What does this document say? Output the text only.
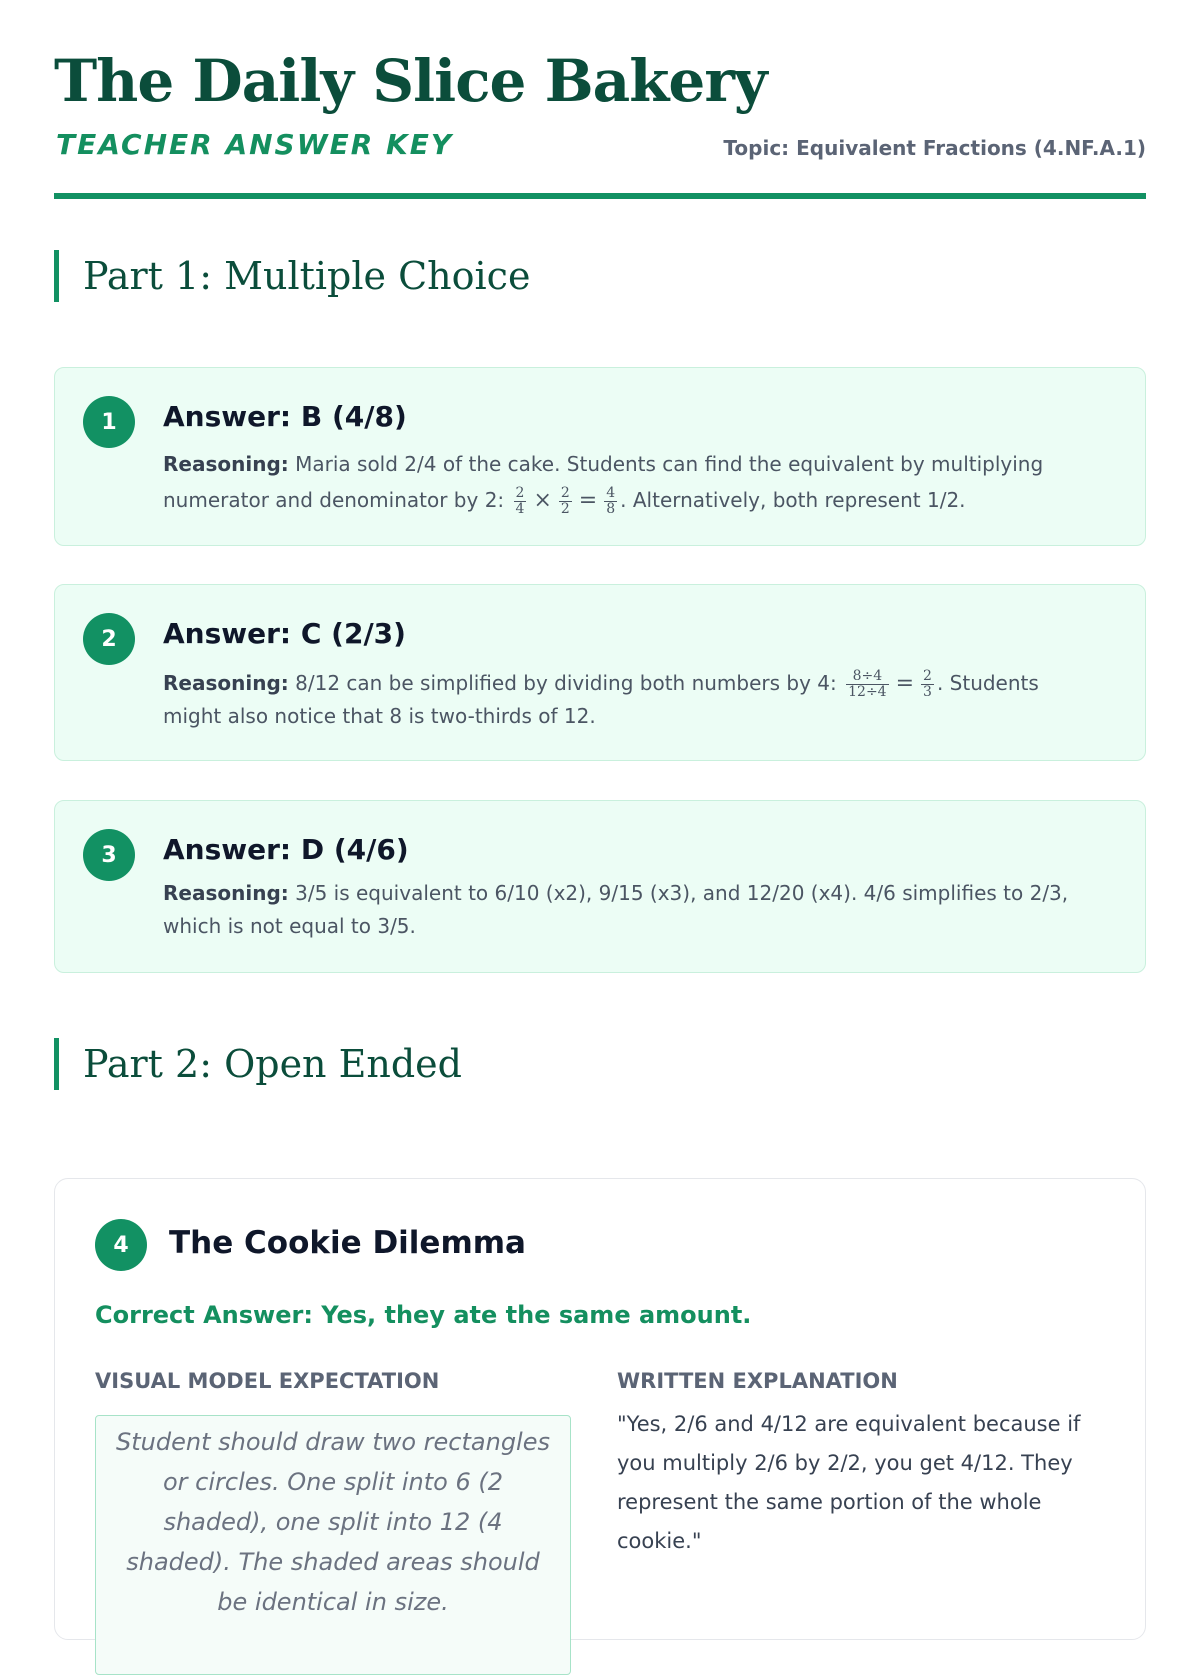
The Daily Slice Bakery
TEACHER ANSWER KEY	Topic: Equivalent Fractions (4.NF.A.1)
Part 1: Multiple Choice
1	Answer: B (4/8)
Reasoning: Maria sold 2/4 of the cake. Students can find the equivalent by multiplying numerator and denominator by 2: $\frac{2}{4} \times \frac{2}{2} = \frac{4}{8}$ . Alternatively, both represent 1/2.
2	Answer: C (2/3)
Reasoning: 8/12 can be simplified by dividing both numbers by 4: $\frac{8\div 4}{12\div 4} = \frac{2}{3}$ . Students might also notice that 8 is two-thirds of 12.
3	Answer: D (4/6)
Reasoning: 3/5 is equivalent to 6/10 (x2), 9/15 (x3), and 12/20 (x4). 4/6 simplifies to 2/3, which is not equal to 3/5.
Part 2: Open Ended
4	The Cookie Dilemma
Correct Answer: Yes, they ate the same amount.
VISUAL MODEL EXPECTATION	WRITTEN EXPLANATION
Student should draw two rectangles or circles. One split into 6 (2 shaded), one split into 12 (4 shaded). The shaded areas should be identical in size.
"Yes, 2/6 and 4/12 are equivalent because if you multiply 2/6 by 2/2, you get 4/12. They represent the same portion of the whole cookie."
